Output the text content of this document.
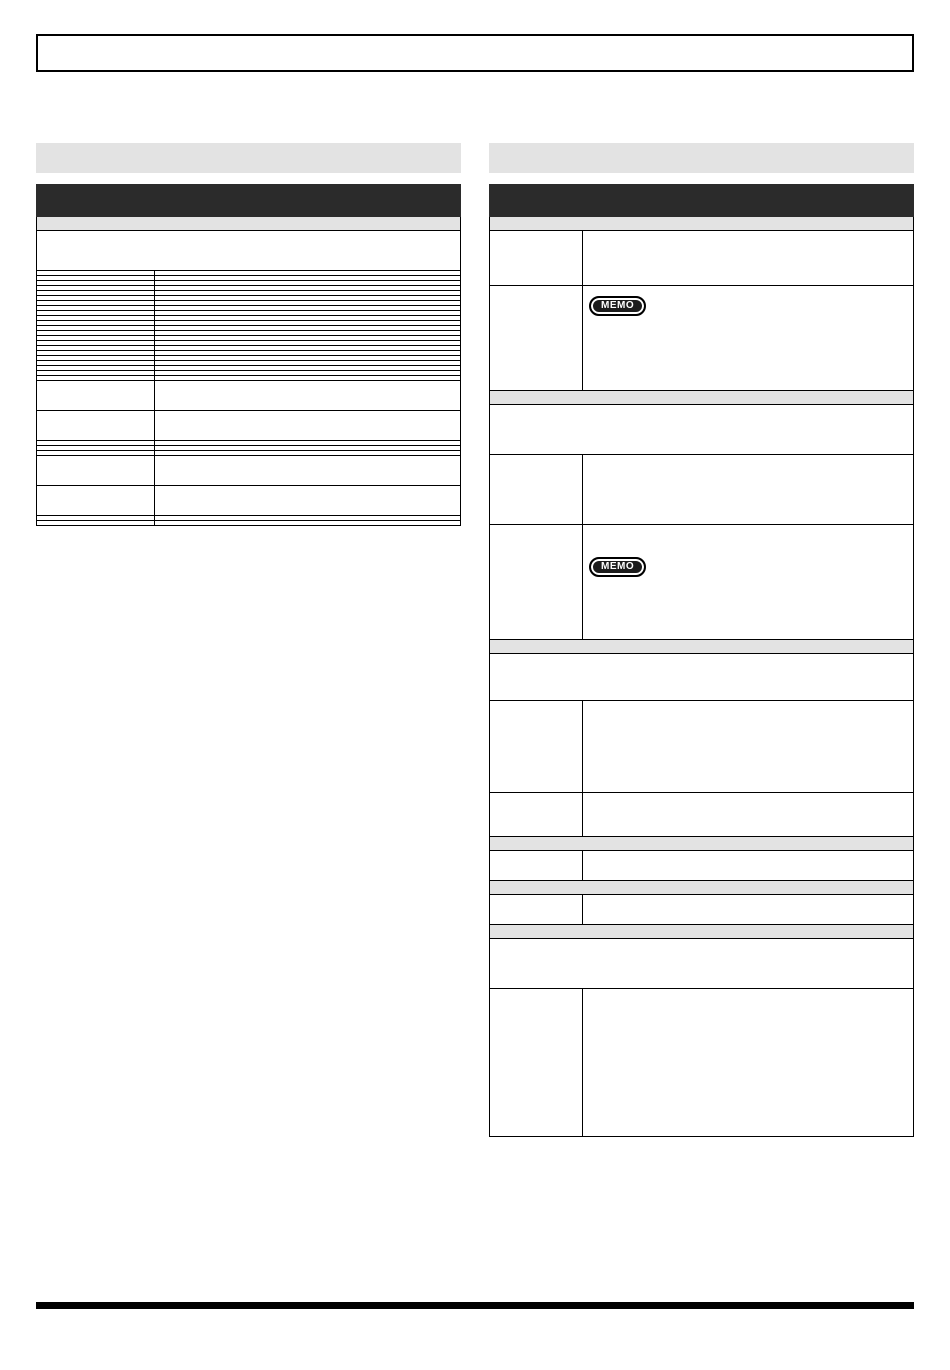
	MEMO

	MEMO
